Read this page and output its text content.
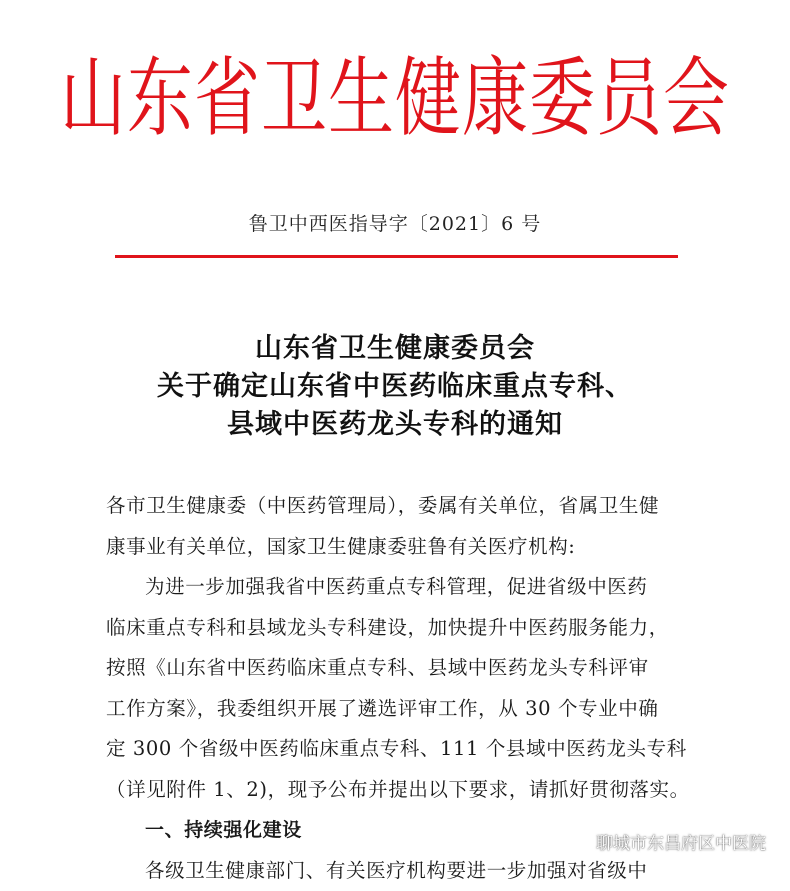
山东省卫生健康委员会
鲁卫中西医指导字〔2021〕6 号
山东省卫生健康委员会
关于确定山东省中医药临床重点专科、
县域中医药龙头专科的通知

各市卫生健康委（中医药管理局），委属有关单位，省属卫生健

康事业有关单位，国家卫生健康委驻鲁有关医疗机构:

为进一步加强我省中医药重点专科管理，促进省级中医药

临床重点专科和县域龙头专科建设，加快提升中医药服务能力，

按照《山东省中医药临床重点专科、县域中医药龙头专科评审

工作方案》，我委组织开展了遴选评审工作，从 30 个专业中确

定 300 个省级中医药临床重点专科、111 个县域中医药龙头专科

（详见附件 1、2)，现予公布并提出以下要求，请抓好贯彻落实。

一、持续强化建设

各级卫生健康部门、有关医疗机构要进一步加强对省级中

聊城市东昌府区中医院
